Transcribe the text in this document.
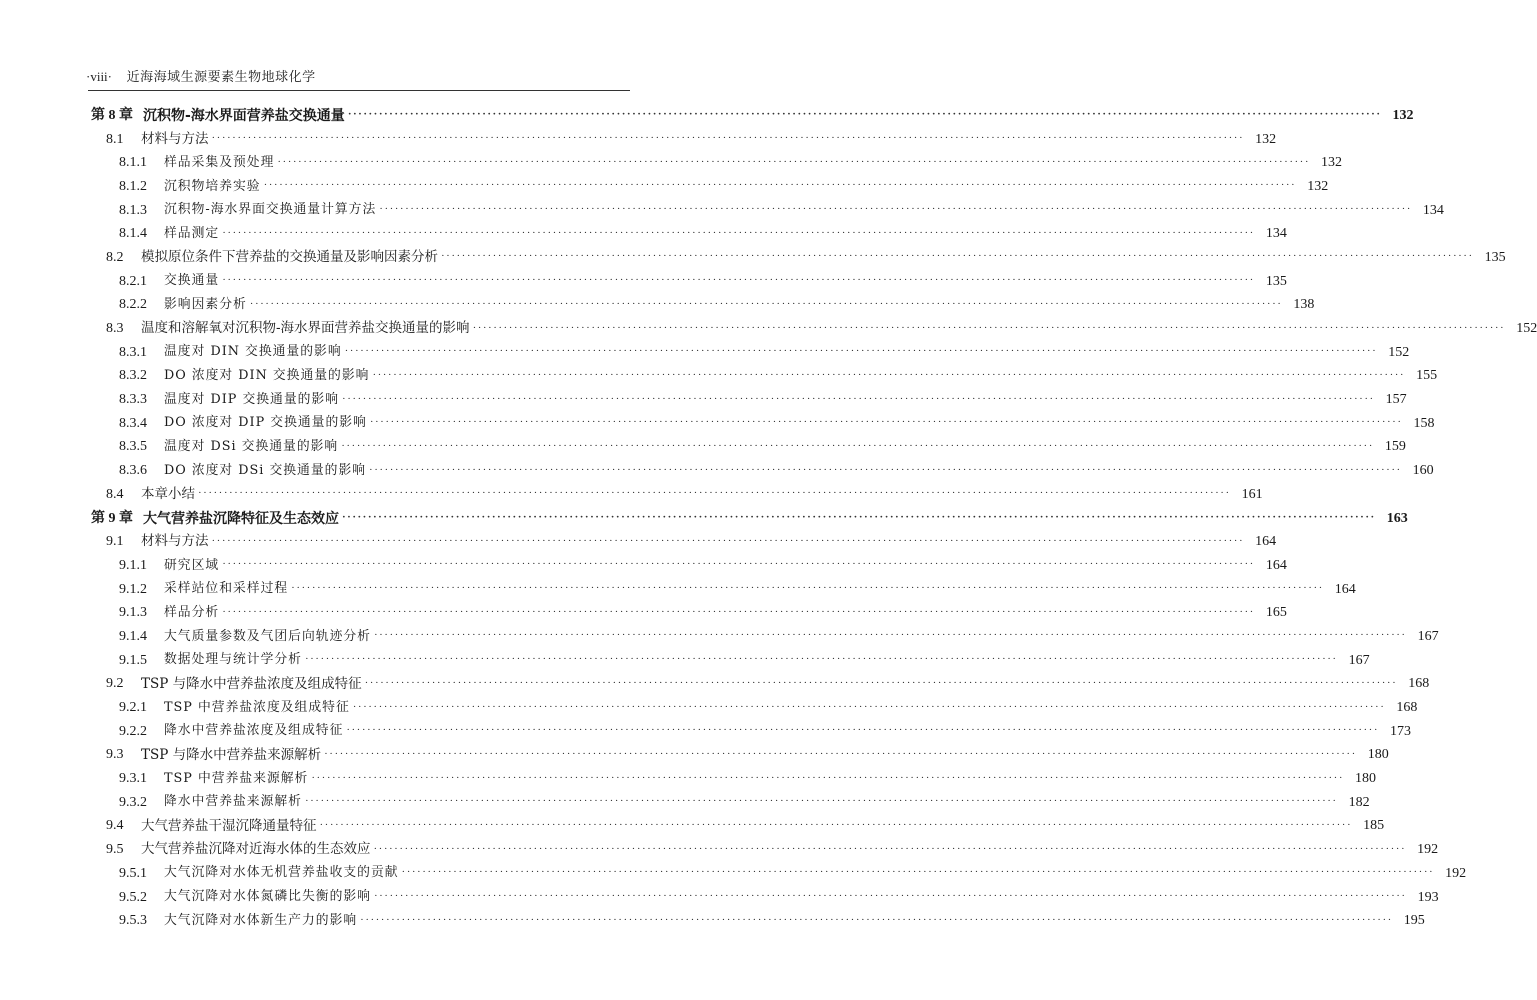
·viii· 近海海域生源要素生物地球化学
第 8 章 沉积物-海水界面营养盐交换通量 ········································································································································································································ 132
8.1	材料与方法 ········································································································································································································ 132
8.1.1	样品采集及预处理 ········································································································································································································ 132
8.1.2	沉积物培养实验 ········································································································································································································ 132
8.1.3	沉积物-海水界面交换通量计算方法 ········································································································································································································ 134
8.1.4	样品测定 ········································································································································································································ 134
8.2	模拟原位条件下营养盐的交换通量及影响因素分析 ········································································································································································································ 135
8.2.1	交换通量 ········································································································································································································ 135
8.2.2	影响因素分析 ········································································································································································································ 138
8.3	温度和溶解氧对沉积物-海水界面营养盐交换通量的影响 ········································································································································································································ 152
8.3.1	温度对 DIN 交换通量的影响 ········································································································································································································ 152
8.3.2	DO 浓度对 DIN 交换通量的影响 ········································································································································································································ 155
8.3.3	温度对 DIP 交换通量的影响 ········································································································································································································ 157
8.3.4	DO 浓度对 DIP 交换通量的影响 ········································································································································································································ 158
8.3.5	温度对 DSi 交换通量的影响 ········································································································································································································ 159
8.3.6	DO 浓度对 DSi 交换通量的影响 ········································································································································································································ 160
8.4	本章小结 ········································································································································································································ 161
第 9 章 大气营养盐沉降特征及生态效应 ········································································································································································································ 163
9.1	材料与方法 ········································································································································································································ 164
9.1.1	研究区域 ········································································································································································································ 164
9.1.2	采样站位和采样过程 ········································································································································································································ 164
9.1.3	样品分析 ········································································································································································································ 165
9.1.4	大气质量参数及气团后向轨迹分析 ········································································································································································································ 167
9.1.5	数据处理与统计学分析 ········································································································································································································ 167
9.2	TSP 与降水中营养盐浓度及组成特征 ········································································································································································································ 168
9.2.1	TSP 中营养盐浓度及组成特征 ········································································································································································································ 168
9.2.2	降水中营养盐浓度及组成特征 ········································································································································································································ 173
9.3	TSP 与降水中营养盐来源解析 ········································································································································································································ 180
9.3.1	TSP 中营养盐来源解析 ········································································································································································································ 180
9.3.2	降水中营养盐来源解析 ········································································································································································································ 182
9.4	大气营养盐干湿沉降通量特征 ········································································································································································································ 185
9.5	大气营养盐沉降对近海水体的生态效应 ········································································································································································································ 192
9.5.1	大气沉降对水体无机营养盐收支的贡献 ········································································································································································································ 192
9.5.2	大气沉降对水体氮磷比失衡的影响 ········································································································································································································ 193
9.5.3	大气沉降对水体新生产力的影响 ········································································································································································································ 195
